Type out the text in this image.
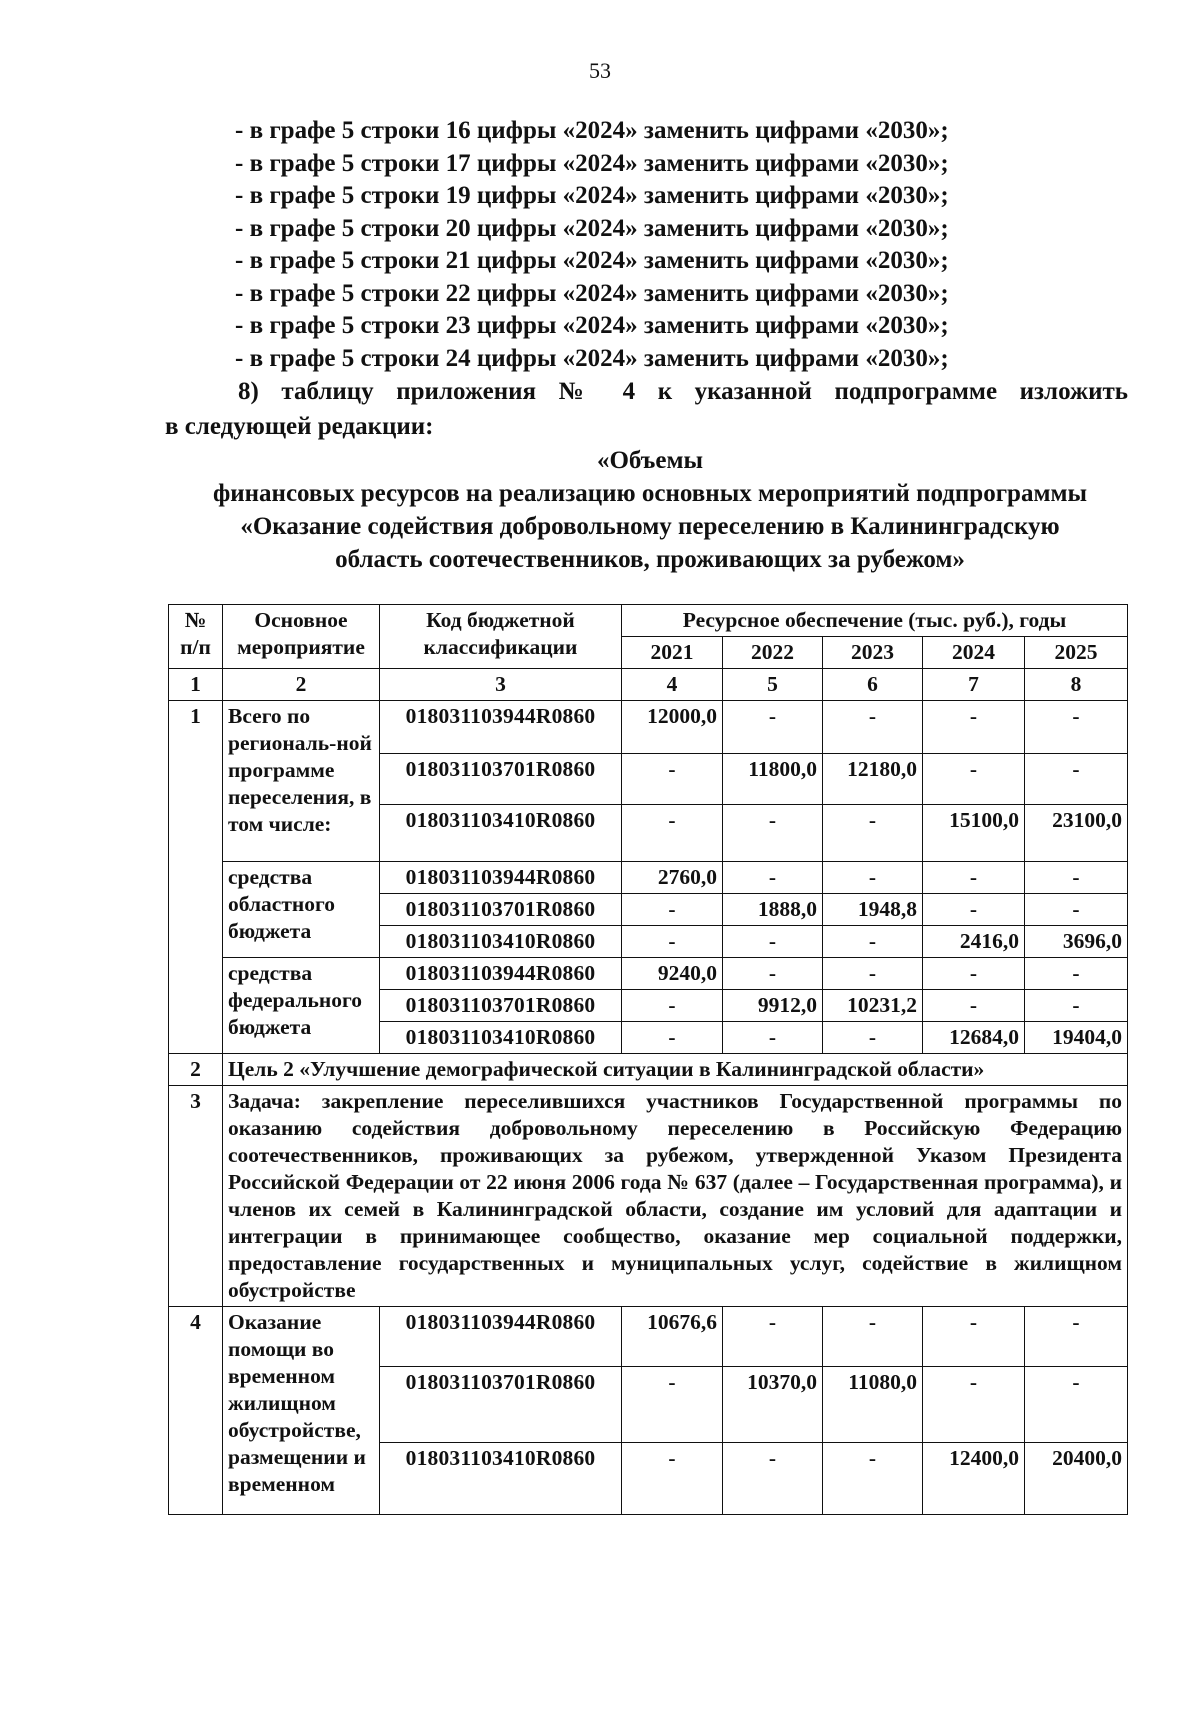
53
- в графе 5 строки 16 цифры «2024» заменить цифрами «2030»;
- в графе 5 строки 17 цифры «2024» заменить цифрами «2030»;
- в графе 5 строки 19 цифры «2024» заменить цифрами «2030»;
- в графе 5 строки 20 цифры «2024» заменить цифрами «2030»;
- в графе 5 строки 21 цифры «2024» заменить цифрами «2030»;
- в графе 5 строки 22 цифры «2024» заменить цифрами «2030»;
- в графе 5 строки 23 цифры «2024» заменить цифрами «2030»;
- в графе 5 строки 24 цифры «2024» заменить цифрами «2030»;
8) таблицу приложения № 4 к указанной подпрограмме изложить
в следующей редакции:
«Объемы
финансовых ресурсов на реализацию основных мероприятий подпрограммы
«Оказание содействия добровольному переселению в Калининградскую
область соотечественников, проживающих за рубежом»
№ п/п	Основное мероприятие	Код бюджетной классификации	Ресурсное обеспечение (тыс. руб.), годы				
			2021	2022	2023	2024	2025
1	2	3	4	5	6	7	8
1	Всего по региональ-ной программе переселения, в том числе:	018031103944R0860	12000,0	-	-	-	-
		018031103701R0860	-	11800,0	12180,0	-	-
		018031103410R0860	-	-	-	15100,0	23100,0
	средства областного бюджета	018031103944R0860	2760,0	-	-	-	-
		018031103701R0860	-	1888,0	1948,8	-	-
		018031103410R0860	-	-	-	2416,0	3696,0
	средства федерального бюджета	018031103944R0860	9240,0	-	-	-	-
		018031103701R0860	-	9912,0	10231,2	-	-
		018031103410R0860	-	-	-	12684,0	19404,0
2	Цель 2 «Улучшение демографической ситуации в Калининградской области»						
3	Задача: закрепление переселившихся участников Государственной программы по оказанию содействия добровольному переселению в Российскую Федерацию соотечественников, проживающих за рубежом, утвержденной Указом Президента Российской Федерации от 22 июня 2006 года № 637 (далее – Государственная программа), и членов их семей в Калининградской области, создание им условий для адаптации и интеграции в принимающее сообщество, оказание мер социальной поддержки, предоставление государственных и муниципальных услуг, содействие в жилищном обустройстве						
4	Оказание помощи во временном жилищном обустройстве, размещении и временном	018031103944R0860	10676,6	-	-	-	-
		018031103701R0860	-	10370,0	11080,0	-	-
		018031103410R0860	-	-	-	12400,0	20400,0
